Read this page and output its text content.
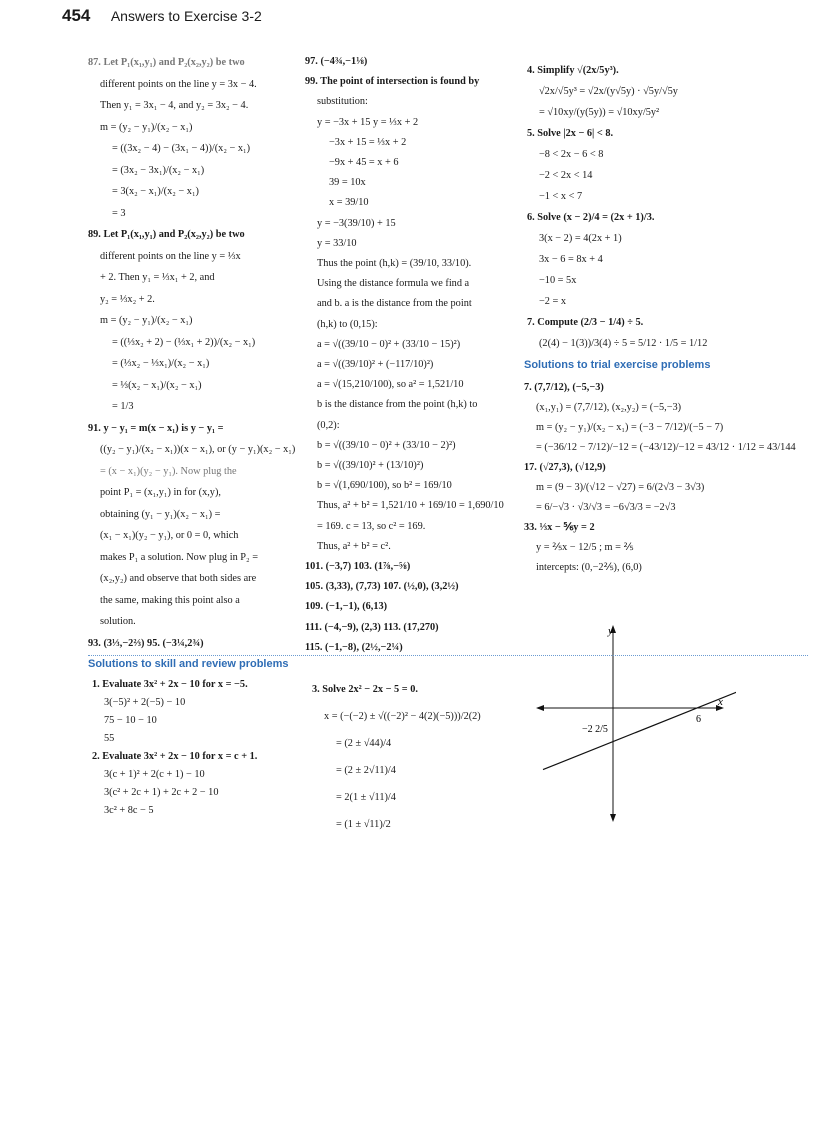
454 Answers to Exercise 3-2
87. Let P₁(x₁,y₁) and P₂(x₂,y₂) be two
different points on the line y = 3x − 4.
Then y₁ = 3x₁ − 4, and y₂ = 3x₂ − 4.
m = (y₂ − y₁)/(x₂ − x₁)
= ((3x₂ − 4) − (3x₁ − 4))/(x₂ − x₁)
= (3x₂ − 3x₁)/(x₂ − x₁)
= 3(x₂ − x₁)/(x₂ − x₁)
= 3
89. Let P₁(x₁,y₁) and P₂(x₂,y₂) be two
different points on the line y = ⅓x
+ 2. Then y₁ = ⅓x₁ + 2, and
y₂ = ⅓x₂ + 2.
m = (y₂ − y₁)/(x₂ − x₁)
= ((⅓x₂ + 2) − (⅓x₁ + 2))/(x₂ − x₁)
= (⅓x₂ − ⅓x₁)/(x₂ − x₁)
= ⅓(x₂ − x₁)/(x₂ − x₁)
= 1/3
91. y − y₁ = m(x − x₁) is y − y₁ =
((y₂ − y₁)/(x₂ − x₁))(x − x₁), or (y − y₁)(x₂ − x₁)
= (x − x₁)(y₂ − y₁). Now plug the
point P₁ = (x₁,y₁) in for (x,y),
obtaining (y₁ − y₁)(x₂ − x₁) =
(x₁ − x₁)(y₂ − y₁), or 0 = 0, which
makes P₁ a solution. Now plug in P₂ =
(x₂,y₂) and observe that both sides are
the same, making this point also a
solution.
93. (3⅓,−2⅔) 95. (−3¼,2¾)
97. (−4¾,−1⅛)
99. The point of intersection is found by
substitution:
y = −3x + 15 y = ⅓x + 2
−3x + 15 = ⅓x + 2
−9x + 45 = x + 6
39 = 10x
x = 39/10
y = −3(39/10) + 15
y = 33/10
Thus the point (h,k) = (39/10, 33/10).
Using the distance formula we find a
and b. a is the distance from the point
(h,k) to (0,15):
a = √((39/10 − 0)² + (33/10 − 15)²)
a = √((39/10)² + (−117/10)²)
a = √(15,210/100), so a² = 1,521/10
b is the distance from the point (h,k) to
(0,2):
b = √((39/10 − 0)² + (33/10 − 2)²)
b = √((39/10)² + (13/10)²)
b = √(1,690/100), so b² = 169/10
Thus, a² + b² = 1,521/10 + 169/10 = 1,690/10
= 169. c = 13, so c² = 169.
Thus, a² + b² = c².
101. (−3,7) 103. (1⅞,−⅝)
105. (3,33), (7,73) 107. (½,0), (3,2½)
109. (−1,−1), (6,13)
111. (−4,−9), (2,3) 113. (17,270)
115. (−1,−8), (2½,−2¼)
4. Simplify √(2x/5y³).
√2x/√5y³ = √2x/(y√5y) · √5y/√5y
= √10xy/(y(5y)) = √10xy/5y²
5. Solve |2x − 6| < 8.
−8 < 2x − 6 < 8
−2 < 2x < 14
−1 < x < 7
6. Solve (x − 2)/4 = (2x + 1)/3.
3(x − 2) = 4(2x + 1)
3x − 6 = 8x + 4
−10 = 5x
−2 = x
7. Compute (2/3 − 1/4) ÷ 5.
(2(4) − 1(3))/3(4) ÷ 5 = 5/12 · 1/5 = 1/12
Solutions to trial exercise problems
7. (7,7/12), (−5,−3)
(x₁,y₁) = (7,7/12), (x₂,y₂) = (−5,−3)
m = (y₂ − y₁)/(x₂ − x₁) = (−3 − 7/12)/(−5 − 7)
= (−36/12 − 7/12)/−12 = (−43/12)/−12 = 43/12 · 1/12 = 43/144
17. (√27,3), (√12,9)
m = (9 − 3)/(√12 − √27) = 6/(2√3 − 3√3)
= 6/−√3 · √3/√3 = −6√3/3 = −2√3
33. ⅓x − ⅚y = 2
y = ⅖x − 12/5 ; m = ⅖
intercepts: (0,−2⅖), (6,0)
y
x
6
−2 2/5
Solutions to skill and review problems
1. Evaluate 3x² + 2x − 10 for x = −5.
3(−5)² + 2(−5) − 10
75 − 10 − 10
55
2. Evaluate 3x² + 2x − 10 for x = c + 1.
3(c + 1)² + 2(c + 1) − 10
3(c² + 2c + 1) + 2c + 2 − 10
3c² + 8c − 5
3. Solve 2x² − 2x − 5 = 0.
x = (−(−2) ± √((−2)² − 4(2)(−5)))/2(2)
= (2 ± √44)/4
= (2 ± 2√11)/4
= 2(1 ± √11)/4
= (1 ± √11)/2
